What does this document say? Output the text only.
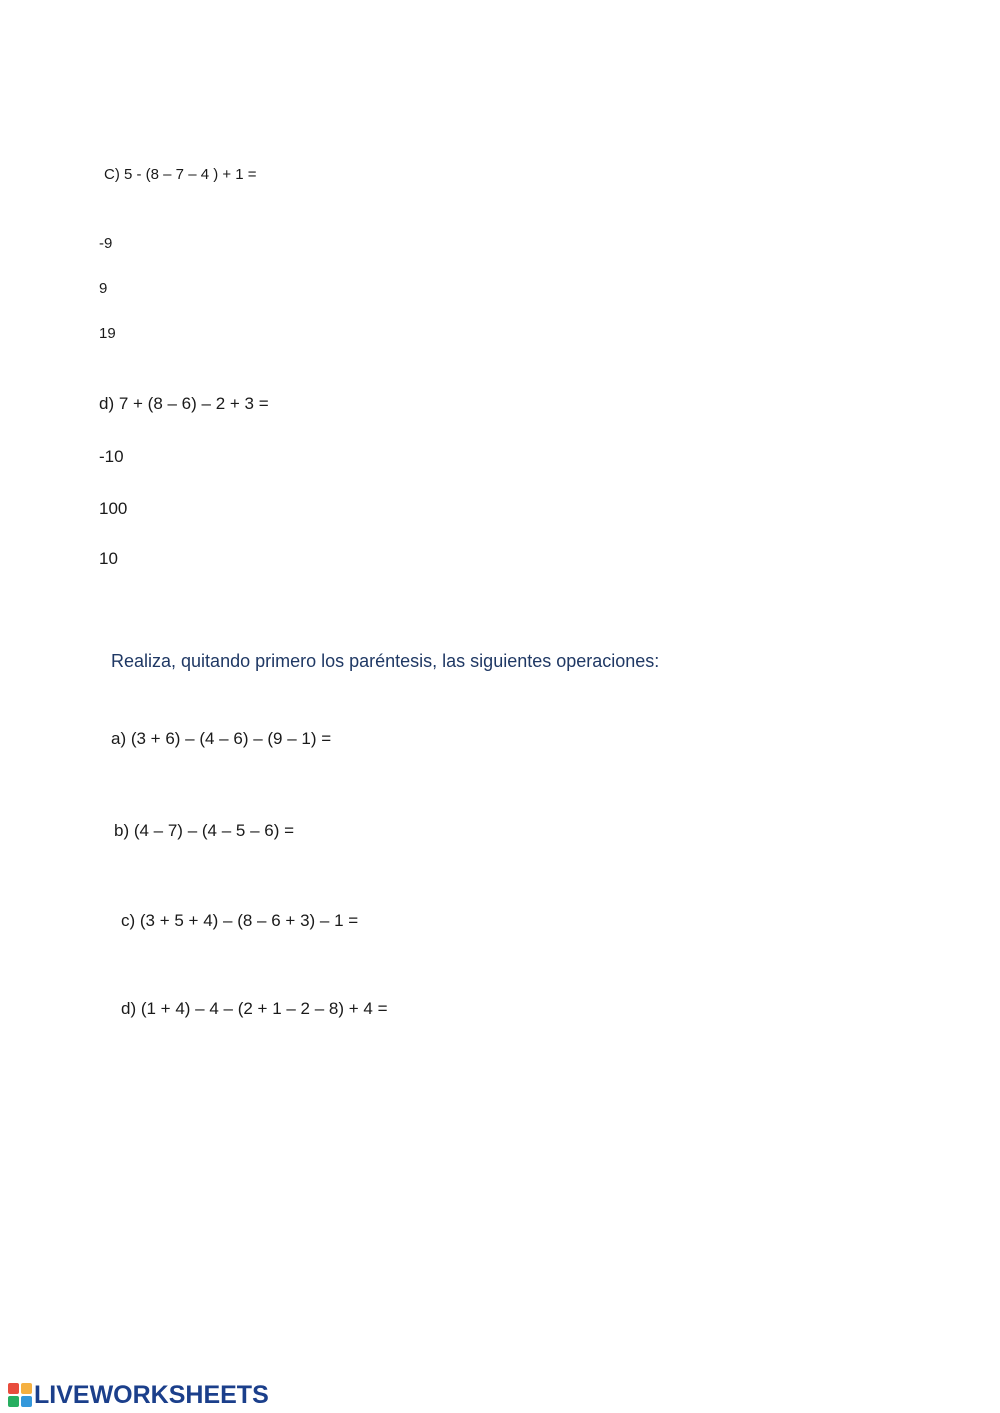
C) 5 - (8 – 7 – 4 ) + 1 =
-9
9
19
d) 7 + (8 – 6) – 2 + 3 =
-10
100
10
Realiza, quitando primero los paréntesis, las siguientes operaciones:
a) (3 + 6) – (4 – 6) – (9 – 1) =
b) (4 – 7) – (4 – 5 – 6) =
c) (3 + 5 + 4) – (8 – 6 + 3) – 1 =
d) (1 + 4) – 4 – (2 + 1 – 2 – 8) + 4 =
LIVEWORKSHEETS
